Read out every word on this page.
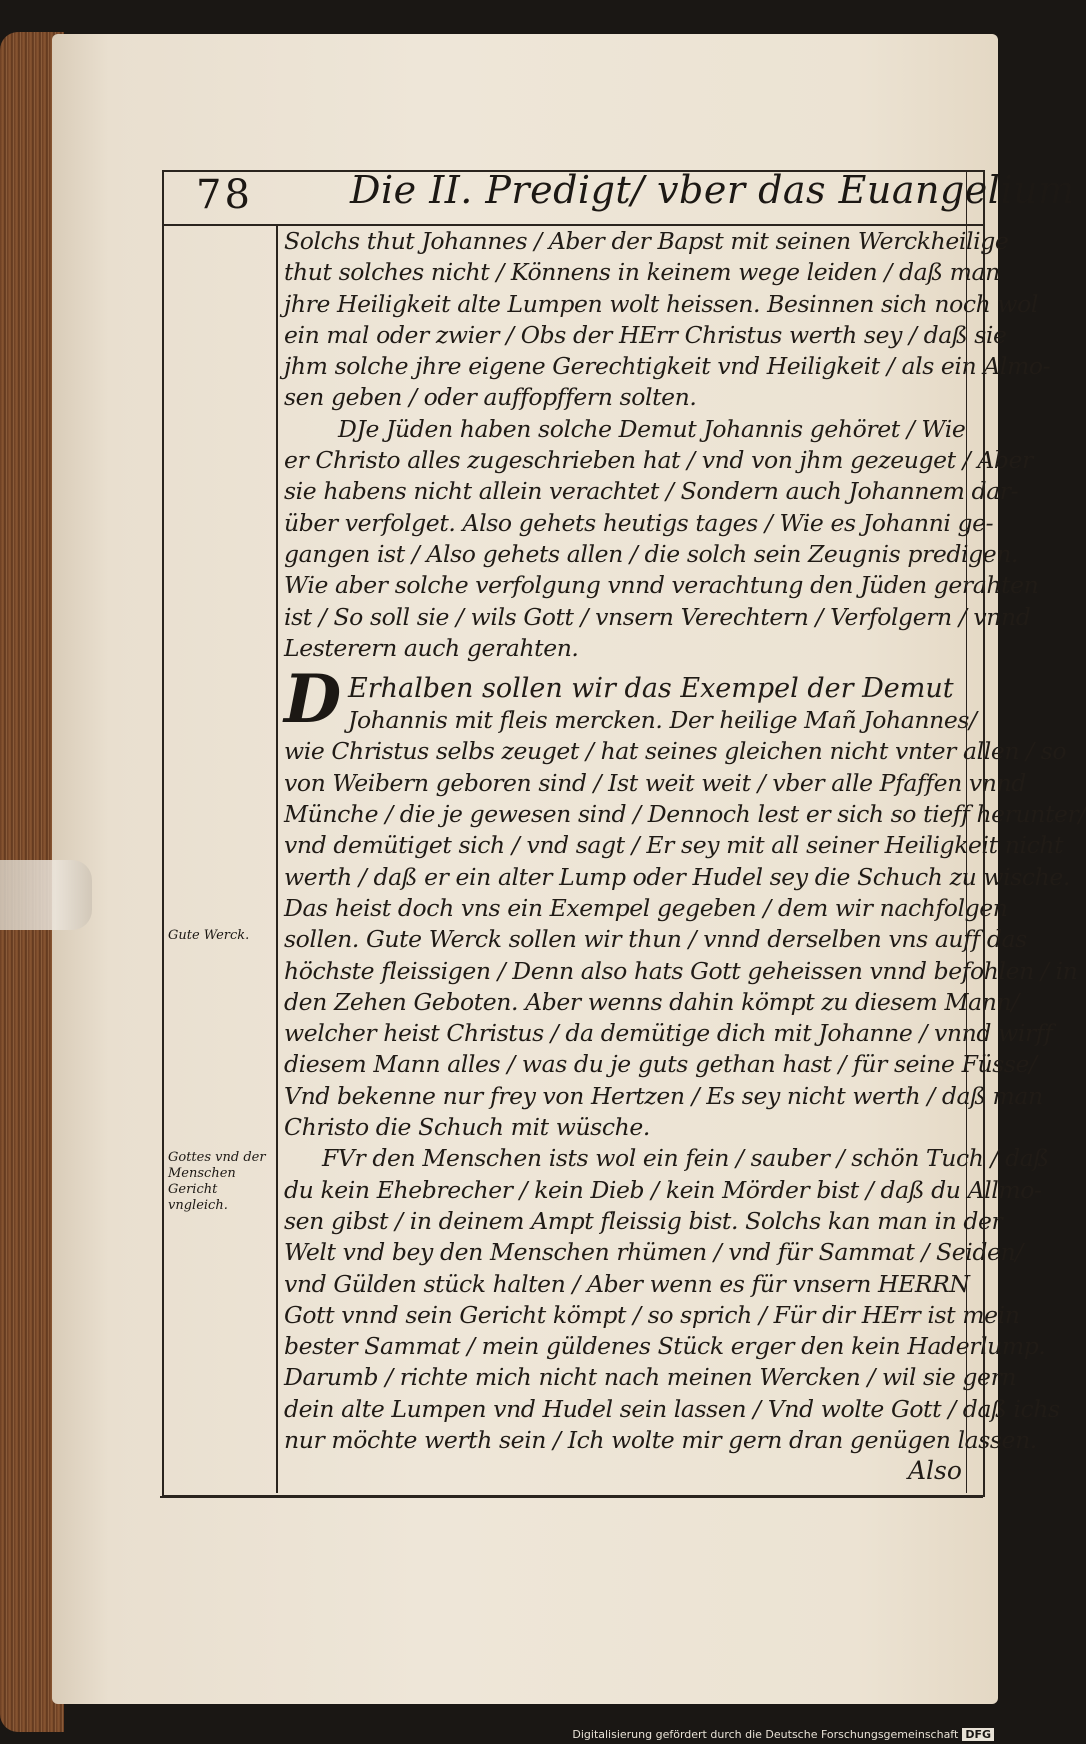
78	Die II. Predigt/ vber das Euangelium
Gute Werck.
Gottes vnd der Menschen Gericht vngleich.
D
Solchs thut Johannes / Aber der Bapst mit seinen Werckheilige
thut solches nicht / Könnens in keinem wege leiden / daß man
jhre Heiligkeit alte Lumpen wolt heissen. Besinnen sich noch wol
ein mal oder zwier / Obs der HErr Christus werth sey / daß sie
jhm solche jhre eigene Gerechtigkeit vnd Heiligkeit / als ein Almo-
sen geben / oder auffopffern solten.
DJe Jüden haben solche Demut Johannis gehöret / Wie
er Christo alles zugeschrieben hat / vnd von jhm gezeuget / Aber
sie habens nicht allein verachtet / Sondern auch Johannem dar-
über verfolget. Also gehets heutigs tages / Wie es Johanni ge-
gangen ist / Also gehets allen / die solch sein Zeugnis predigen.
Wie aber solche verfolgung vnnd verachtung den Jüden gerahten
ist / So soll sie / wils Gott / vnsern Verechtern / Verfolgern / vnnd
Lesterern auch gerahten.
Erhalben sollen wir das Exempel der Demut
Johannis mit fleis mercken. Der heilige Mañ Johannes/
wie Christus selbs zeuget / hat seines gleichen nicht vnter allen / so
von Weibern geboren sind / Ist weit weit / vber alle Pfaffen vnnd
Münche / die je gewesen sind / Dennoch lest er sich so tieff herunter/
vnd demütiget sich / vnd sagt / Er sey mit all seiner Heiligkeit nicht
werth / daß er ein alter Lump oder Hudel sey die Schuch zu wische.
Das heist doch vns ein Exempel gegeben / dem wir nachfolgen
sollen. Gute Werck sollen wir thun / vnnd derselben vns auff das
höchste fleissigen / Denn also hats Gott geheissen vnnd befohlen / in
den Zehen Geboten. Aber wenns dahin kömpt zu diesem Mann/
welcher heist Christus / da demütige dich mit Johanne / vnnd wirff
diesem Mann alles / was du je guts gethan hast / für seine Füsse/
Vnd bekenne nur frey von Hertzen / Es sey nicht werth / daß man
Christo die Schuch mit wüsche.
FVr den Menschen ists wol ein fein / sauber / schön Tuch / daß
du kein Ehebrecher / kein Dieb / kein Mörder bist / daß du Allmo-
sen gibst / in deinem Ampt fleissig bist. Solchs kan man in der
Welt vnd bey den Menschen rhümen / vnd für Sammat / Seiden/
vnd Gülden stück halten / Aber wenn es für vnsern HERRN
Gott vnnd sein Gericht kömpt / so sprich / Für dir HErr ist mein
bester Sammat / mein güldenes Stück erger den kein Haderlump.
Darumb / richte mich nicht nach meinen Wercken / wil sie gern
dein alte Lumpen vnd Hudel sein lassen / Vnd wolte Gott / daß ichs
nur möchte werth sein / Ich wolte mir gern dran genügen lassen.
Also
Digitalisierung gefördert durch die Deutsche Forschungsgemeinschaft DFG
